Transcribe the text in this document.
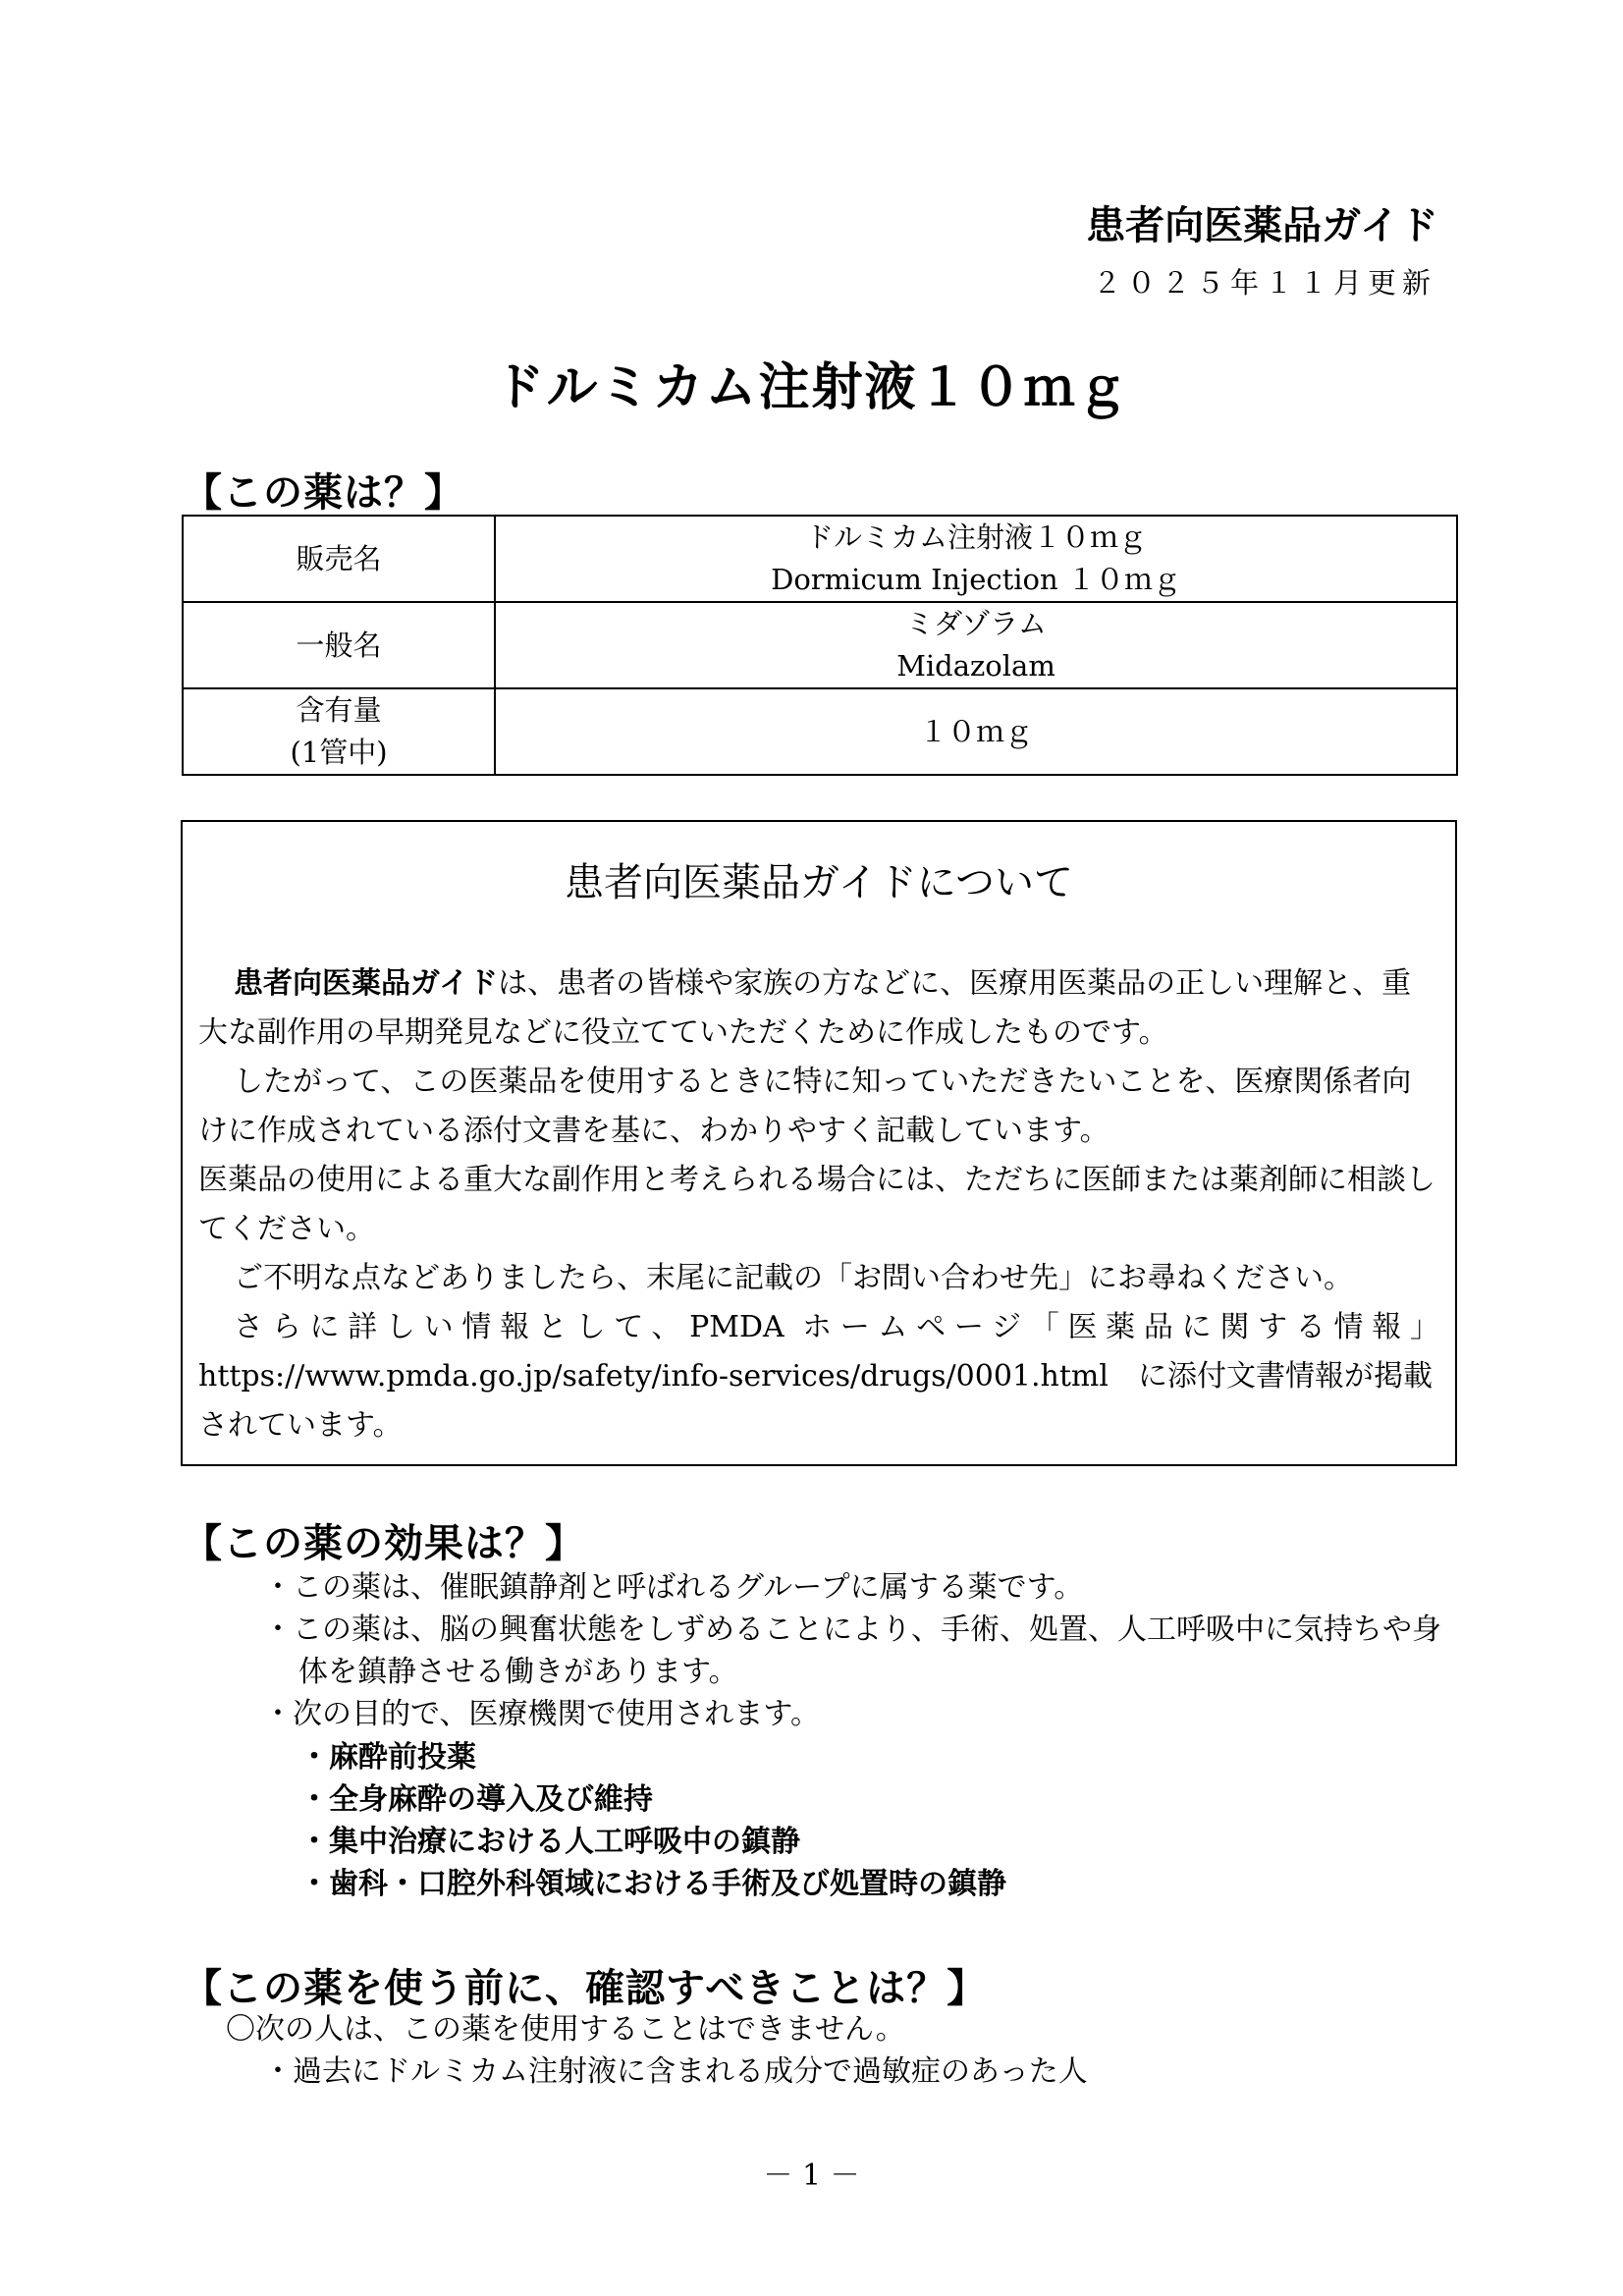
患者向医薬品ガイド
２０２５年１１月更新
ドルミカム注射液１０ｍｇ
【この薬は？】
販売名	ドルミカム注射液１０ｍｇ
Dormicum Injection １０ｍｇ

一般名	ミダゾラム
Midazolam

含有量
(1管中)	１０ｍｇ
患者向医薬品ガイドについて

患者向医薬品ガイドは、患者の皆様や家族の方などに、医療用医薬品の正しい理解と、重大な副作用の早期発見などに役立てていただくために作成したものです。

したがって、この医薬品を使用するときに特に知っていただきたいことを、医療関係者向けに作成されている添付文書を基に、わかりやすく記載しています。

医薬品の使用による重大な副作用と考えられる場合には、ただちに医師または薬剤師に相談してください。

ご不明な点などありましたら、末尾に記載の「お問い合わせ先」にお尋ねください。

さらに詳しい情報として、PMDA ホームページ「医薬品に関する情報」

https://www.pmda.go.jp/safety/info-services/drugs/0001.html　 に添付文書情報が掲載されています。

【この薬の効果は？】
・この薬は、催眠鎮静剤と呼ばれるグループに属する薬です。
・この薬は、脳の興奮状態をしずめることにより、手術、処置、人工呼吸中に気持ちや身体を鎮静させる働きがあります。
・次の目的で、医療機関で使用されます。
・麻酔前投薬
・全身麻酔の導入及び維持
・集中治療における人工呼吸中の鎮静
・歯科・口腔外科領域における手術及び処置時の鎮静
【この薬を使う前に、確認すべきことは？】
〇次の人は、この薬を使用することはできません。
・過去にドルミカム注射液に含まれる成分で過敏症のあった人
－ 1 －
